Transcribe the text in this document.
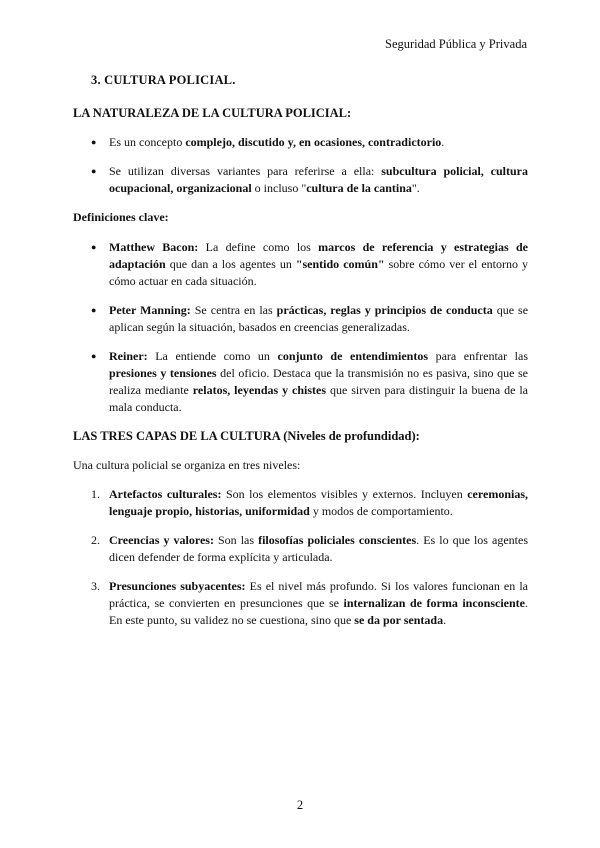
Seguridad Pública y Privada
3. CULTURA POLICIAL.
LA NATURALEZA DE LA CULTURA POLICIAL:
● Es un concepto complejo, discutido y, en ocasiones, contradictorio.
● Se utilizan diversas variantes para referirse a ella: subcultura policial, cultura ocupacional, organizacional o incluso "cultura de la cantina".
Definiciones clave:
● Matthew Bacon: La define como los marcos de referencia y estrategias de adaptación que dan a los agentes un "sentido común" sobre cómo ver el entorno y cómo actuar en cada situación.
● Peter Manning: Se centra en las prácticas, reglas y principios de conducta que se aplican según la situación, basados en creencias generalizadas.
● Reiner: La entiende como un conjunto de entendimientos para enfrentar las presiones y tensiones del oficio. Destaca que la transmisión no es pasiva, sino que se realiza mediante relatos, leyendas y chistes que sirven para distinguir la buena de la mala conducta.
LAS TRES CAPAS DE LA CULTURA (Niveles de profundidad):
Una cultura policial se organiza en tres niveles:
1. Artefactos culturales: Son los elementos visibles y externos. Incluyen ceremonias, lenguaje propio, historias, uniformidad y modos de comportamiento.
2. Creencias y valores: Son las filosofías policiales conscientes. Es lo que los agentes dicen defender de forma explícita y articulada.
3. Presunciones subyacentes: Es el nivel más profundo. Si los valores funcionan en la práctica, se convierten en presunciones que se internalizan de forma inconsciente. En este punto, su validez no se cuestiona, sino que se da por sentada.
2
